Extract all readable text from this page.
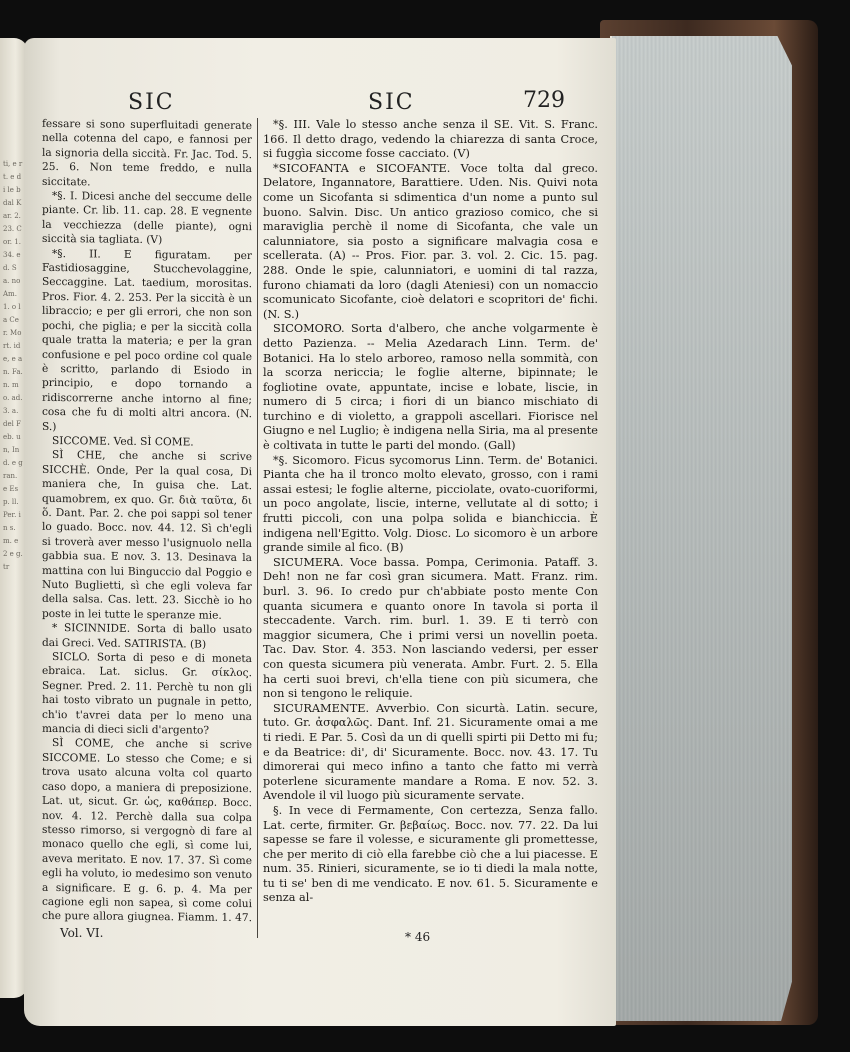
ti, e rt. e di le b dal Kar. 2. 23. Cor. 1. 34. e d. Sa. no Am. 1. o la Cer. Mort. ide, e an. Fa. n. mo. ad. 3. a. del Feb. un, Ind. e gran. e Esp. ll. Per. in s. m. e 2 e g. tr
SIC	SIC	729

fessare si sono superfluitadi generate nella cotenna del capo, e fannosi per la signoria della siccità. Fr. Jac. Tod. 5. 25. 6. Non teme freddo, e nulla siccitate.

*§. I. Dicesi anche del seccume delle piante. Cr. lib. 11. cap. 28. E vegnente la vecchiezza (delle piante), ogni siccità sia tagliata. (V)

*§. II. E figuratam. per Fastidiosaggine, Stucchevolaggine, Seccaggine. Lat. taedium, morositas. Pros. Fior. 4. 2. 253. Per la siccità è un libraccio; e per gli errori, che non son pochi, che piglia; e per la siccità colla quale tratta la materia; e per la gran confusione e pel poco ordine col quale è scritto, parlando di Esiodo in principio, e dopo tornando a ridiscorrerne anche intorno al fine; cosa che fu di molti altri ancora. (N. S.)

SICCOME. Ved. SÌ COME.

SÌ CHE, che anche si scrive SICCHÈ. Onde, Per la qual cosa, Di maniera che, In guisa che. Lat. quamobrem, ex quo. Gr. διὰ ταῦτα, δι ὅ. Dant. Par. 2. che poi sappi sol tener lo guado. Bocc. nov. 44. 12. Sì ch'egli si troverà aver messo l'usignuolo nella gabbia sua. E nov. 3. 13. Desinava la mattina con lui Binguccio dal Poggio e Nuto Buglietti, sì che egli voleva far della salsa. Cas. lett. 23. Sicchè io ho poste in lei tutte le speranze mie.

* SICINNIDE. Sorta di ballo usato dai Greci. Ved. SATIRISTA. (B)

SICLO. Sorta di peso e di moneta ebraica. Lat. siclus. Gr. σίκλος. Segner. Pred. 2. 11. Perchè tu non gli hai tosto vibrato un pugnale in petto, ch'io t'avrei data per lo meno una mancia di dieci sicli d'argento?

SÌ COME, che anche si scrive SICCOME. Lo stesso che Come; e si trova usato alcuna volta col quarto caso dopo, a maniera di preposizione. Lat. ut, sicut. Gr. ὡς, καθάπερ. Bocc. nov. 4. 12. Perchè dalla sua colpa stesso rimorso, si vergognò di fare al monaco quello che egli, sì come lui, aveva meritato. E nov. 17. 37. Sì come egli ha voluto, io medesimo son venuto a significare. E g. 6. p. 4. Ma per cagione egli non sapea, sì come colui che pure allora giugnea. Fiamm. 1. 47.

*§. III. Vale lo stesso anche senza il SE. Vit. S. Franc. 166. Il detto drago, vedendo la chiarezza di santa Croce, si fuggìa siccome fosse cacciato. (V)

*SICOFANTA e SICOFANTE. Voce tolta dal greco. Delatore, Ingannatore, Barattiere. Uden. Nis. Quivi nota come un Sicofanta si sdimentica d'un nome a punto sul buono. Salvin. Disc. Un antico grazioso comico, che si maraviglia perchè il nome di Sicofanta, che vale un calunniatore, sia posto a significare malvagia cosa e scellerata. (A) -- Pros. Fior. par. 3. vol. 2. Cic. 15. pag. 288. Onde le spie, calunniatori, e uomini di tal razza, furono chiamati da loro (dagli Ateniesi) con un nomaccio scomunicato Sicofante, cioè delatori e scopritori de' fichi. (N. S.)

SICOMORO. Sorta d'albero, che anche volgarmente è detto Pazienza. -- Melia Azedarach Linn. Term. de' Botanici. Ha lo stelo arboreo, ramoso nella sommità, con la scorza nericcia; le foglie alterne, bipinnate; le fogliotine ovate, appuntate, incise e lobate, liscie, in numero di 5 circa; i fiori di un bianco mischiato di turchino e di violetto, a grappoli ascellari. Fiorisce nel Giugno e nel Luglio; è indigena nella Siria, ma al presente è coltivata in tutte le parti del mondo. (Gall)

*§. Sicomoro. Ficus sycomorus Linn. Term. de' Botanici. Pianta che ha il tronco molto elevato, grosso, con i rami assai estesi; le foglie alterne, picciolate, ovato-cuoriformi, un poco angolate, liscie, interne, vellutate al di sotto; i frutti piccoli, con una polpa solida e bianchiccia. È indigena nell'Egitto. Volg. Diosc. Lo sicomoro è un arbore grande simile al fico. (B)

SICUMERA. Voce bassa. Pompa, Cerimonia. Pataff. 3. Deh! non ne far così gran sicumera. Matt. Franz. rim. burl. 3. 96. Io credo pur ch'abbiate posto mente Con quanta sicumera e quanto onore In tavola si porta il steccadente. Varch. rim. burl. 1. 39. E ti terrò con maggior sicumera, Che i primi versi un novellin poeta. Tac. Dav. Stor. 4. 353. Non lasciando vedersi, per esser con questa sicumera più venerata. Ambr. Furt. 2. 5. Ella ha certi suoi brevi, ch'ella tiene con più sicumera, che non si tengono le reliquie.

SICURAMENTE. Avverbio. Con sicurtà. Latin. secure, tuto. Gr. ἀσφαλῶς. Dant. Inf. 21. Sicuramente omai a me ti riedi. E Par. 5. Così da un di quelli spirti pii Detto mi fu; e da Beatrice: di', di' Sicuramente. Bocc. nov. 43. 17. Tu dimorerai qui meco infino a tanto che fatto mi verrà poterlene sicuramente mandare a Roma. E nov. 52. 3. Avendole il vil luogo più sicuramente servate.

§. In vece di Fermamente, Con certezza, Senza fallo. Lat. certe, firmiter. Gr. βεβαίως. Bocc. nov. 77. 22. Da lui sapesse se fare il volesse, e sicuramente gli promettesse, che per merito di ciò ella farebbe ciò che a lui piacesse. E num. 35. Rinieri, sicuramente, se io ti diedi la mala notte, tu ti se' ben di me vendicato. E nov. 61. 5. Sicuramente e senza al-

Vol. VI.	* 46
